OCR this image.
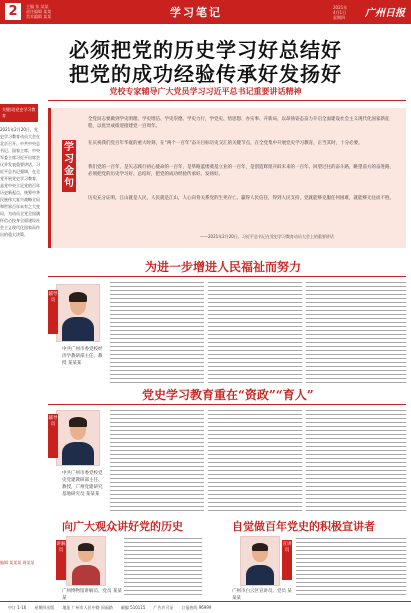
2	主编 张 某某
责任编辑 某某
美术编辑 某某	学习笔记	2021年
4月1日
星期四 广州日报
必须把党的历史学习好总结好
把党的成功经验传承好发扬好
党校专家辅导广大党员学习习近平总书记重要讲话精神
关键词|党史学习教育
2021年2月20日，党史学习教育动员大会在北京召开。中共中央总书记、国家主席、中央军委主席习近平出席会议并发表重要讲话。习近平总书记强调，在全党开展党史学习教育，是党中央立足党的百年历史新起点、统筹中华民族伟大复兴战略全局和世界百年未有之大变局，为动员全党全国满怀信心投身全面建设社会主义现代化国家而作出的重大决策。
编辑 某某某 周某某
学习金句
全党同志要做到学史明理、学史增信、学史崇德、学史力行，学党史、悟思想、办实事、开新局，以昂扬姿态奋力开启全面建设社会主义现代化国家新征程，以优异成绩迎接建党一百周年。
在庆祝我们党百年华诞的重大时刻，在“两个一百年”奋斗目标历史交汇的关键节点，在全党集中开展党史学习教育，正当其时，十分必要。
我们党的一百年，是矢志践行初心使命的一百年，是筚路蓝缕奠基立业的一百年，是创造辉煌开辟未来的一百年。回望过往的奋斗路，眺望前方的奋进路，必须把党的历史学习好、总结好，把党的成功经验传承好、发扬好。
历史充分证明，江山就是人民，人民就是江山，人心向背关系党的生死存亡。赢得人民信任，得到人民支持，党就能够克服任何困难，就能够无往而不胜。
——2021年2月20日，习近平总书记在党史学习教育动员大会上的重要讲话
为进一步增进人民福祉而努力
辅导员
中共广州市委党校经济学教研部主任、教授 某某某
党史学习教育重在“资政”“育人”
辅导员
中共广州市委党校党史党建教研部主任、教授，广州党建研究基地研究员 某某某
向广大观众讲好党的历史
讲解员
广州博物馆讲解员、党员 某某某
自觉做百年党史的积极宣讲者
宣讲员
广州市白云区宣讲员、党员 某某某
中订 1-16　　星期四出版　　地址 广州市人民中路 同福路　　邮编 510115　　广告许可证　　订报热线 96999
